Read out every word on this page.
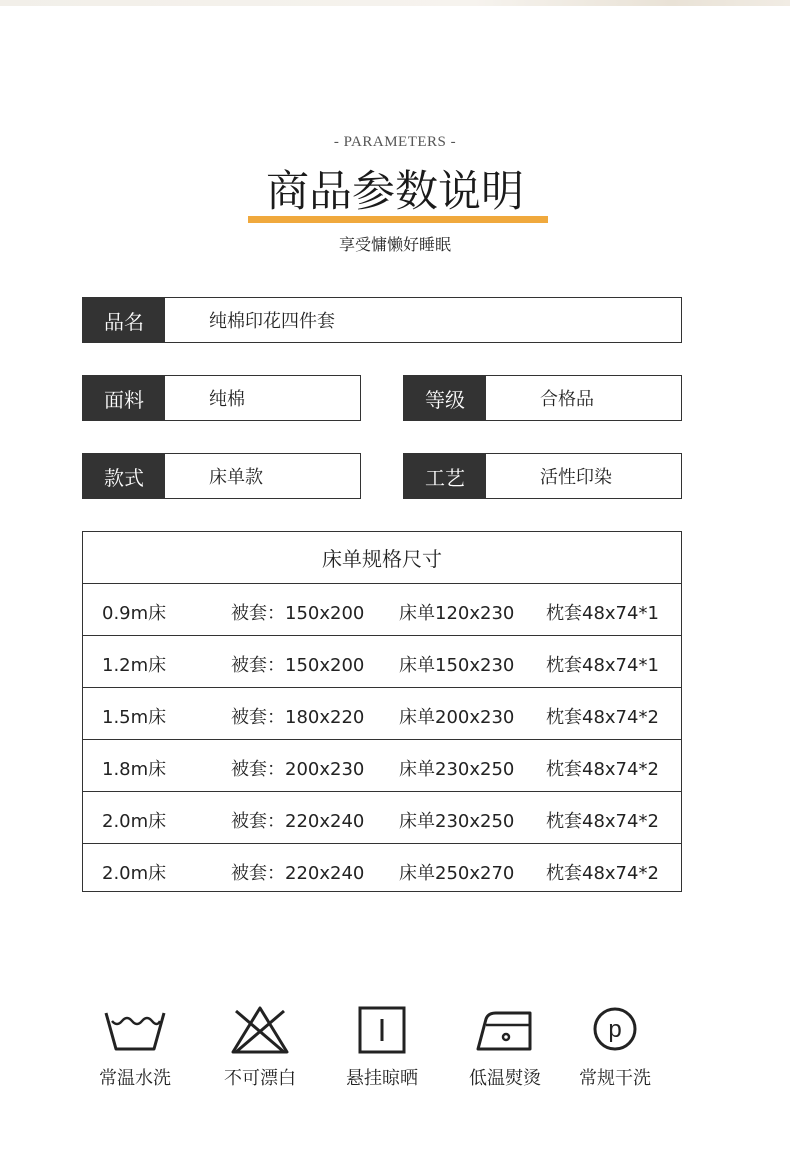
- PARAMETERS -
商品参数说明
享受慵懒好睡眠
品名	纯棉印花四件套
面料	纯棉	等级	合格品
款式	床单款	工艺	活性印染
床单规格尺寸
0.9m床	被套：150x200 床单120x230 枕套48x74*1
1.2m床	被套：150x200 床单150x230 枕套48x74*1
1.5m床	被套：180x220 床单200x230 枕套48x74*2
1.8m床	被套：200x230 床单230x250 枕套48x74*2
2.0m床	被套：220x240 床单230x250 枕套48x74*2
2.0m床	被套：220x240 床单250x270 枕套48x74*2
常温水洗	不可漂白	悬挂晾晒	低温熨烫
p
常规干洗
